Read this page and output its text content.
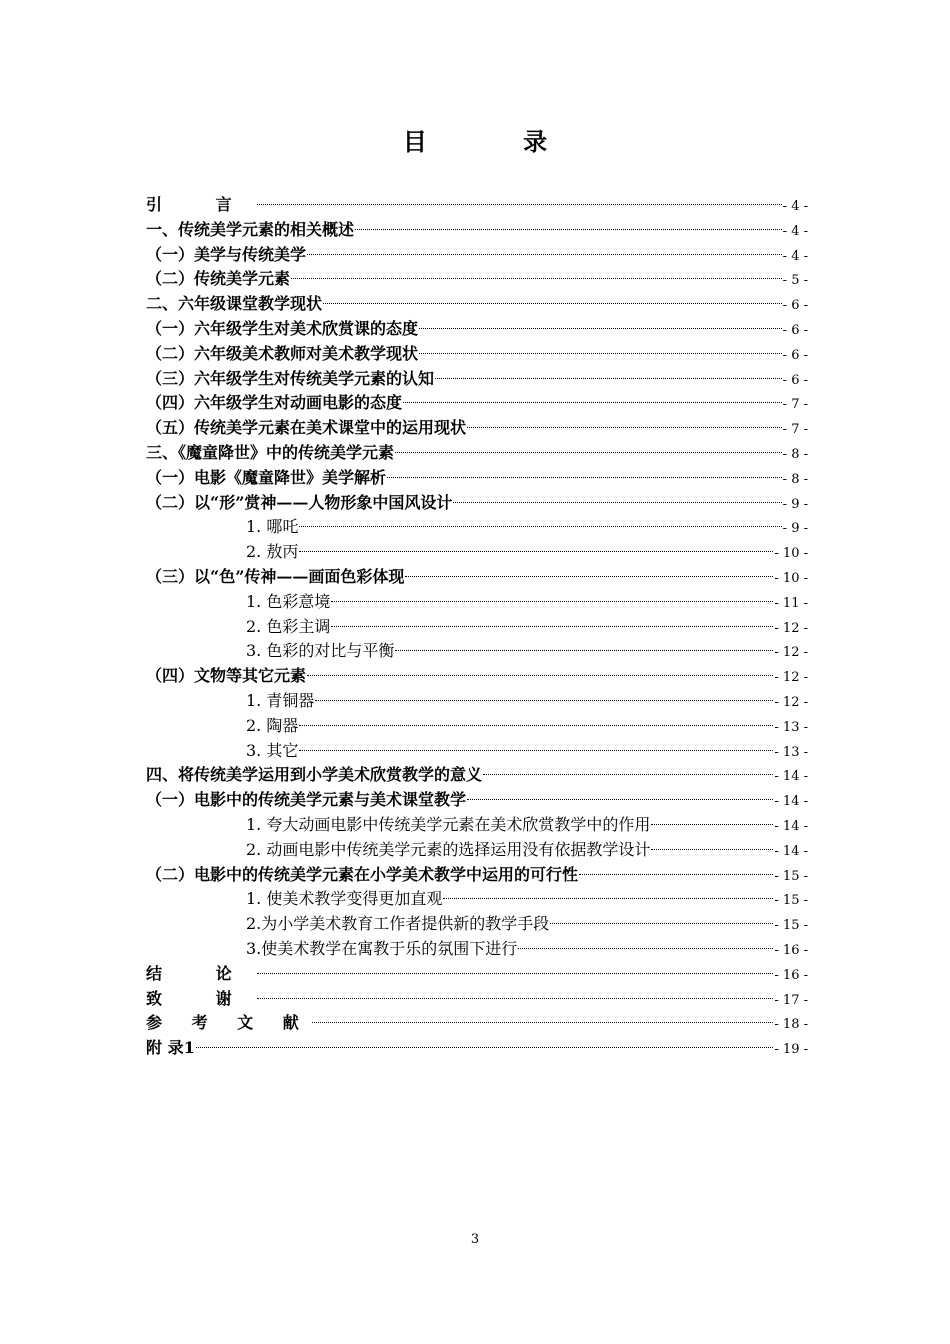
目 录
引 言	- 4 -
一、传统美学元素的相关概述	- 4 -
（一）美学与传统美学	- 4 -
（二）传统美学元素	- 5 -
二、六年级课堂教学现状	- 6 -
（一）六年级学生对美术欣赏课的态度	- 6 -
（二）六年级美术教师对美术教学现状	- 6 -
（三）六年级学生对传统美学元素的认知	- 6 -
（四）六年级学生对动画电影的态度	- 7 -
（五）传统美学元素在美术课堂中的运用现状	- 7 -
三、《魔童降世》中的传统美学元素	- 8 -
（一）电影《魔童降世》美学解析	- 8 -
（二）以“形”赏神——人物形象中国风设计	- 9 -
1. 哪吒	- 9 -
2. 敖丙	- 10 -
（三）以“色”传神——画面色彩体现	- 10 -
1. 色彩意境	- 11 -
2. 色彩主调	- 12 -
3. 色彩的对比与平衡	- 12 -
（四）文物等其它元素	- 12 -
1. 青铜器	- 12 -
2. 陶器	- 13 -
3. 其它	- 13 -
四、将传统美学运用到小学美术欣赏教学的意义	- 14 -
（一）电影中的传统美学元素与美术课堂教学	- 14 -
1. 夸大动画电影中传统美学元素在美术欣赏教学中的作用	- 14 -
2. 动画电影中传统美学元素的选择运用没有依据教学设计	- 14 -
（二）电影中的传统美学元素在小学美术教学中运用的可行性	- 15 -
1. 使美术教学变得更加直观	- 15 -
2.为小学美术教育工作者提供新的教学手段	- 15 -
3.使美术教学在寓教于乐的氛围下进行	- 16 -
结 论	- 16 -
致 谢	- 17 -
参 考 文 献	- 18 -
附 录1	- 19 -
3
